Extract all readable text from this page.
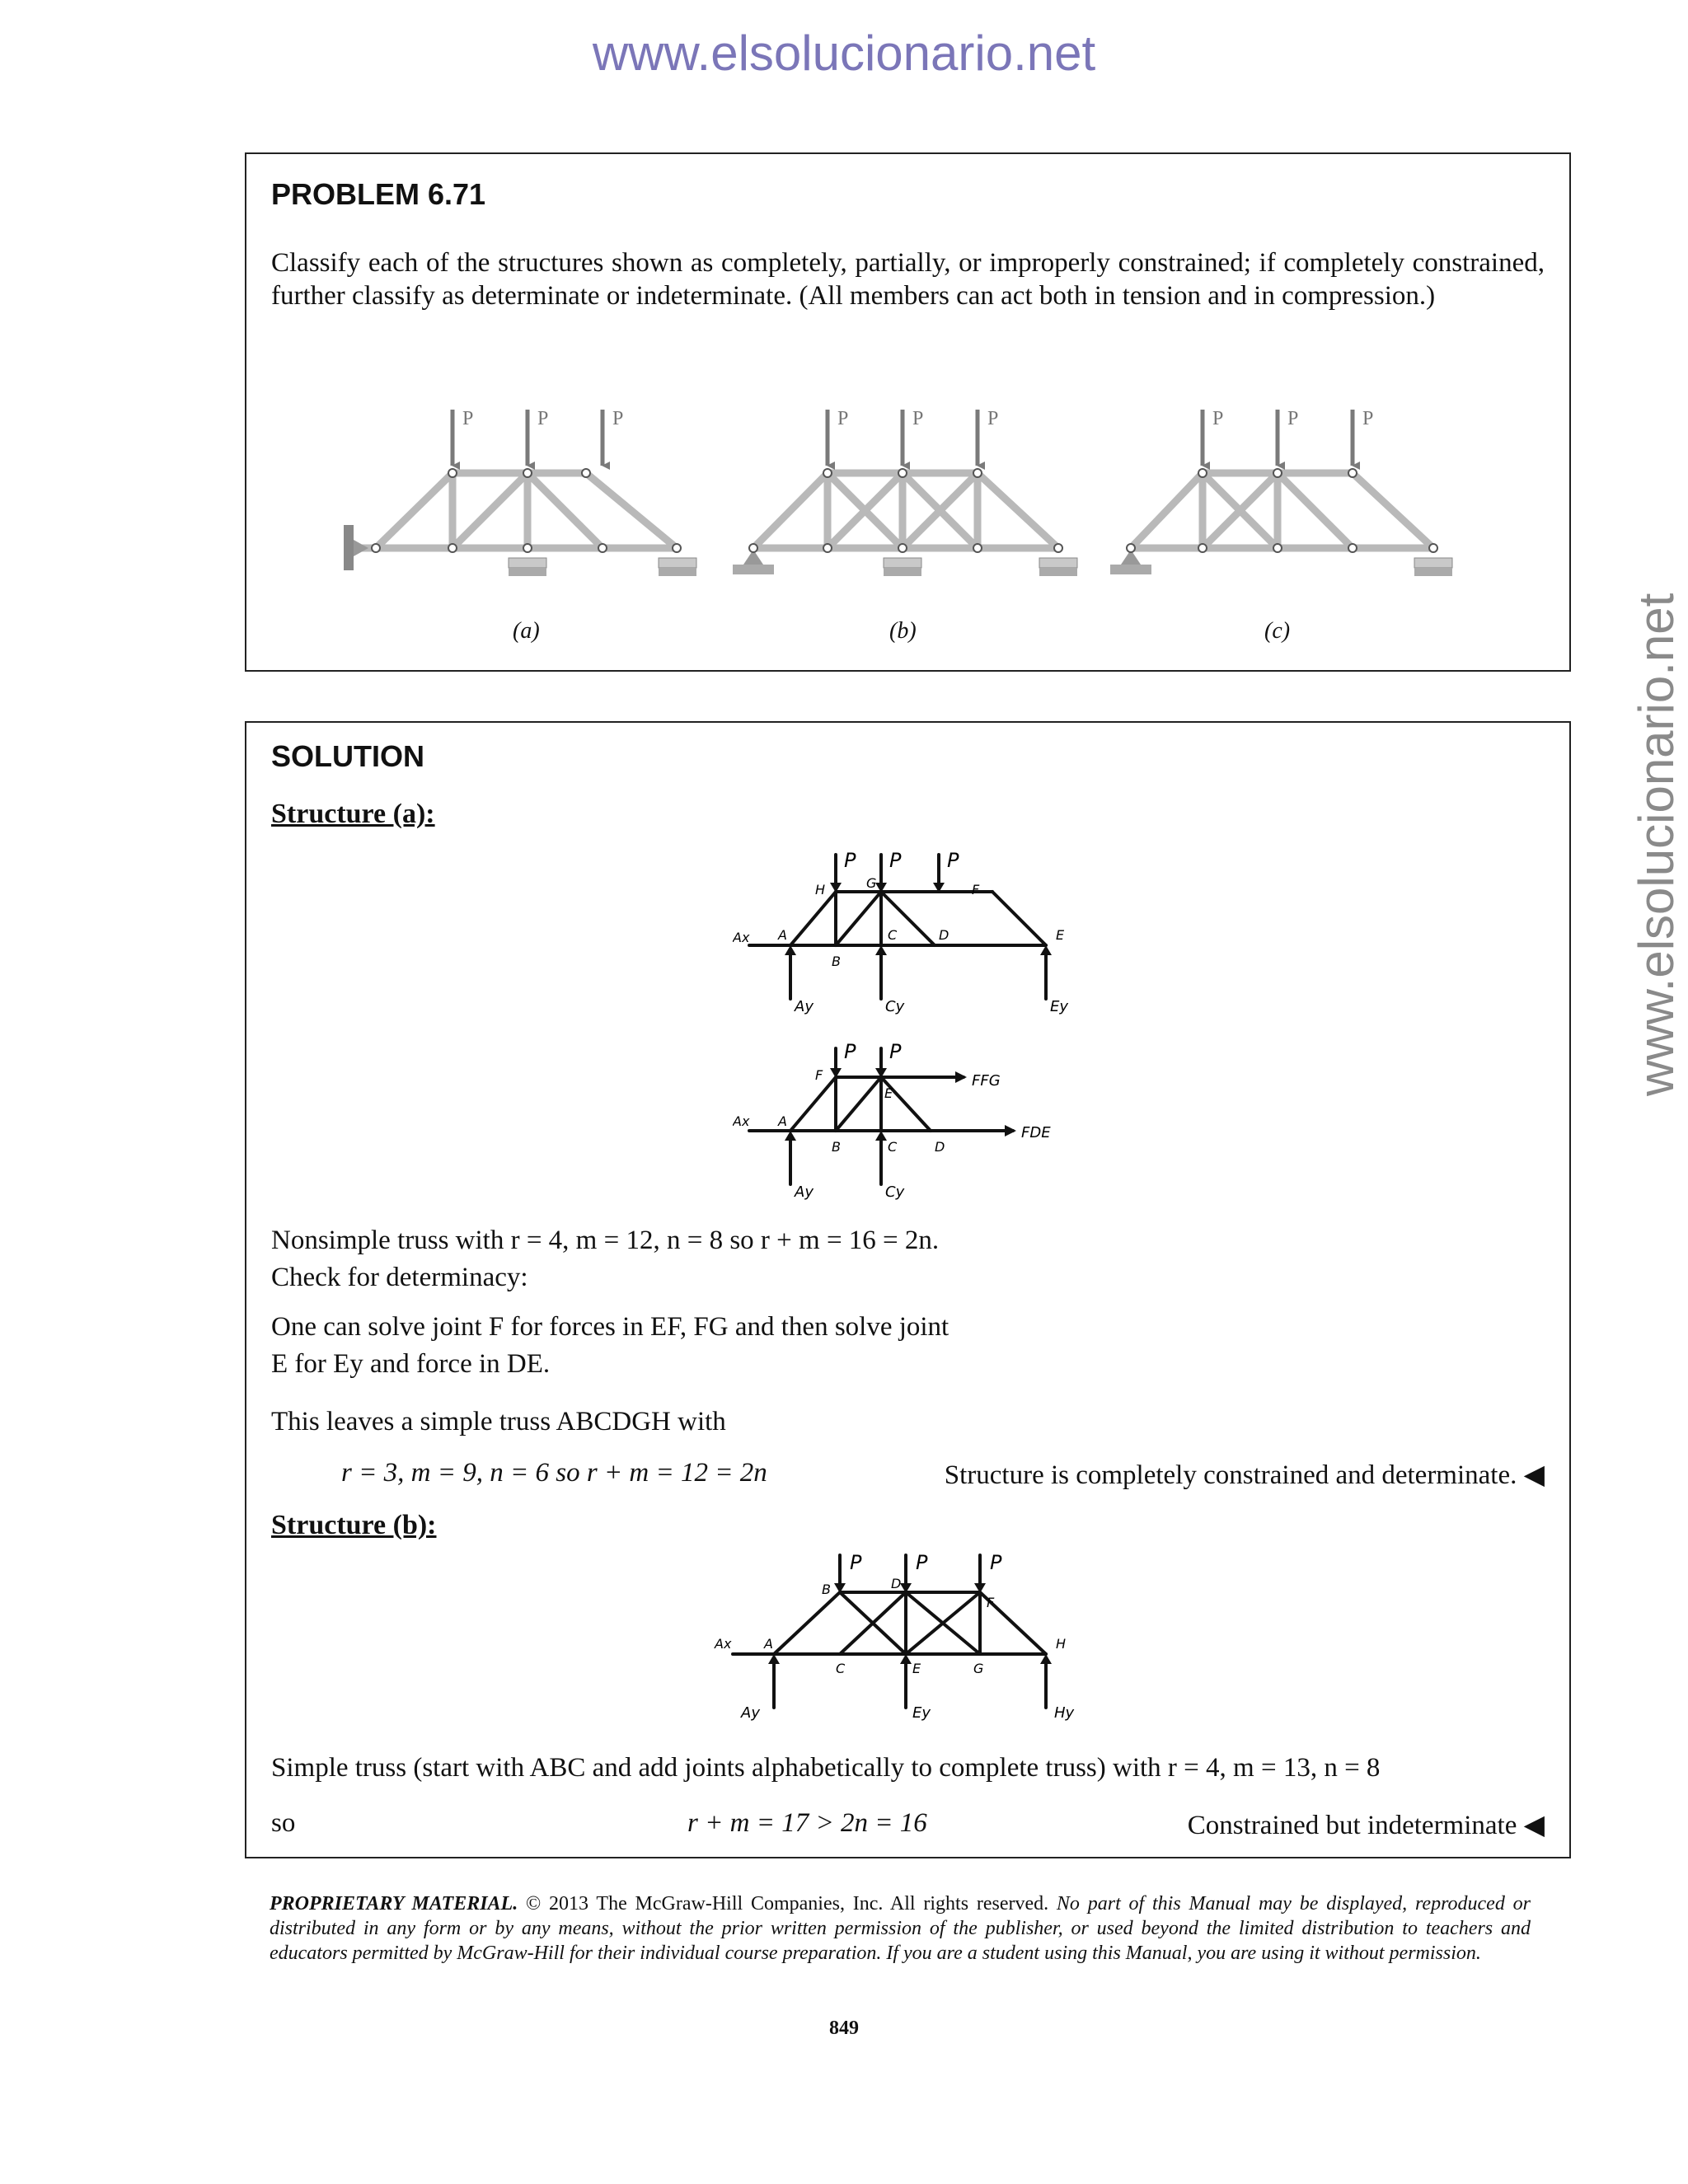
www.elsolucionario.net
www.elsolucionario.net
PROBLEM 6.71
Classify each of the structures shown as completely, partially, or improperly constrained; if completely constrained, further classify as determinate or indeterminate. (All members can act both in tension and in compression.)
P	P	P	P	P	P	P	P	P
(a)	(b)	(c)
SOLUTION
Structure (a):
P P P
H	G	F
A
B
C	D	E
Ax
Ay	Cy	Ey
P P
F
E
A
B	C	D
Ax
Ay	Cy
FFG
FDE
Nonsimple truss with r = 4, m = 12, n = 8 so r + m = 16 = 2n.
Check for determinacy:
One can solve joint F for forces in EF, FG and then solve joint
E for Ey and force in DE.
This leaves a simple truss ABCDGH with
r = 3, m = 9, n = 6 so r + m = 12 = 2n	Structure is completely constrained and determinate. ◀
Structure (b):
P	P	P
B	D
F
A
C	E	G
H
Ax
Ay	Ey	Hy
Simple truss (start with ABC and add joints alphabetically to complete truss) with r = 4, m = 13, n = 8
so	r + m = 17 > 2n = 16	Constrained but indeterminate ◀
PROPRIETARY MATERIAL. © 2013 The McGraw-Hill Companies, Inc. All rights reserved. No part of this Manual may be displayed, reproduced or distributed in any form or by any means, without the prior written permission of the publisher, or used beyond the limited distribution to teachers and educators permitted by McGraw-Hill for their individual course preparation. If you are a student using this Manual, you are using it without permission.
849
